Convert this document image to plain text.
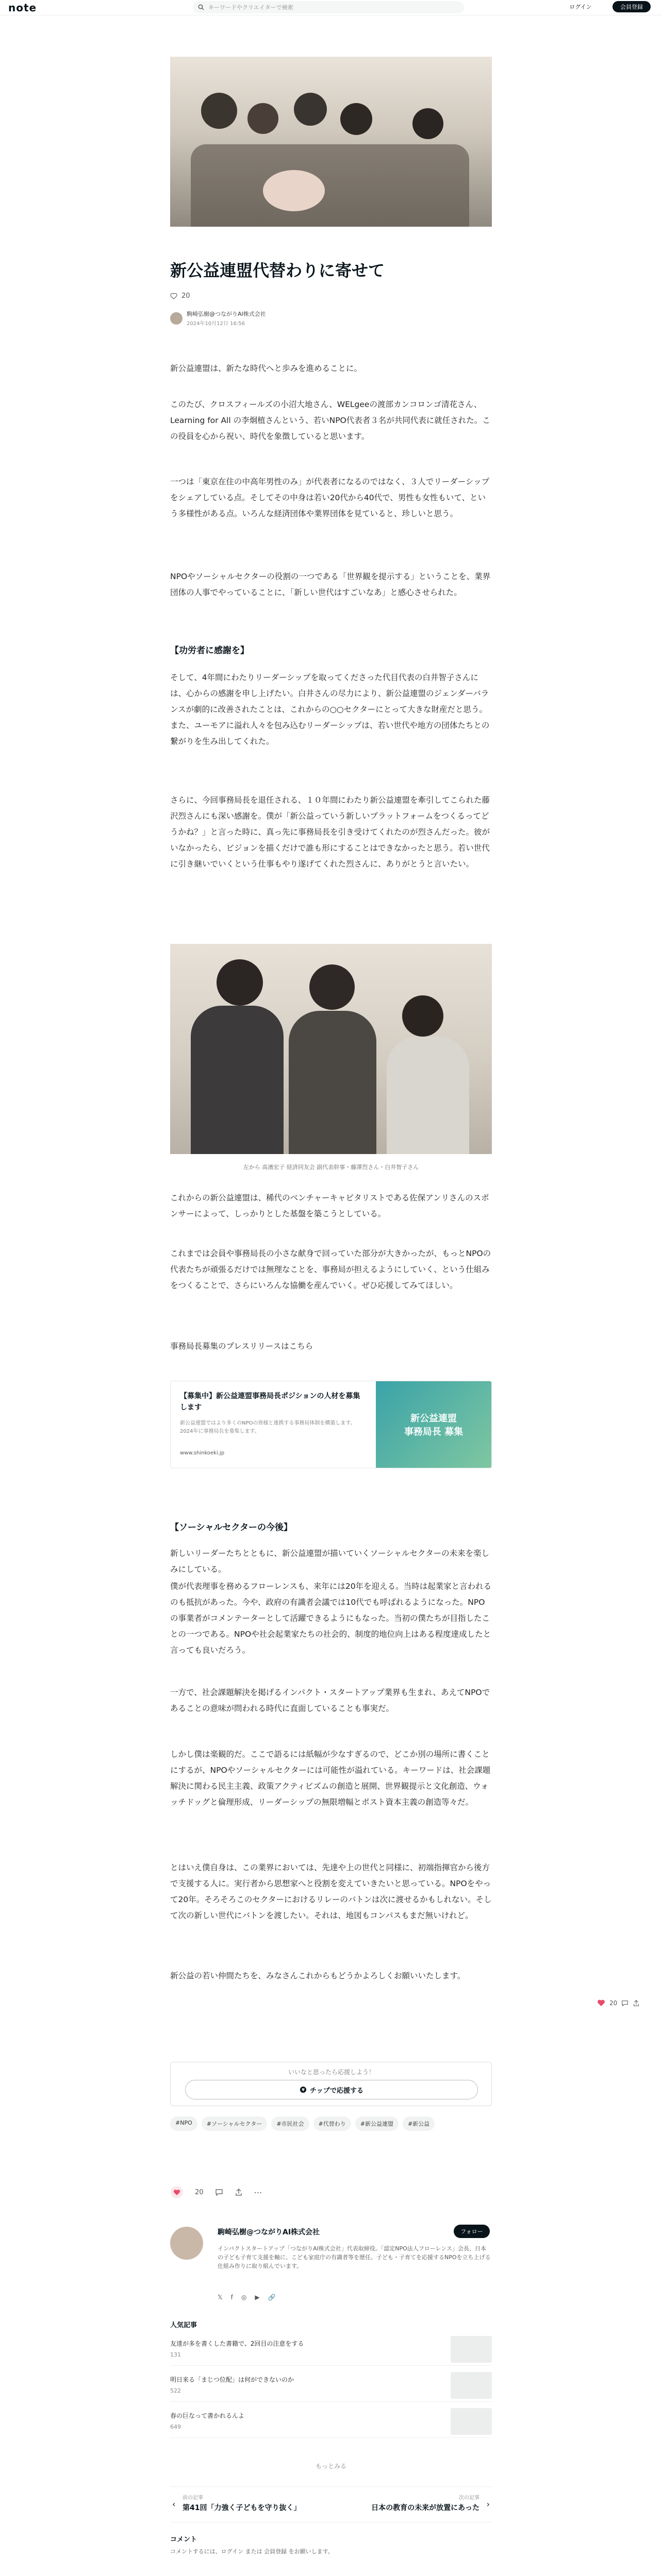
note	キーワードやクリエイターで検索	ログイン	会員登録
新公益連盟代替わりに寄せて
20
駒崎弘樹@つながりAI株式会社
2024年10月12日 16:56
新公益連盟は、新たな時代へと歩みを進めることに。
このたび、クロスフィールズの小沼大地さん、WELgeeの渡部カンコロンゴ清花さん、Learning for All の李炯植さんという、若いNPO代表者３名が共同代表に就任された。この役員を心から祝い、時代を象徴していると思います。
一つは「東京在住の中高年男性のみ」が代表者になるのではなく、３人でリーダーシップをシェアしている点。そしてその中身は若い20代から40代で、男性も女性もいて、という多様性がある点。いろんな経済団体や業界団体を見ていると、珍しいと思う。
NPOやソーシャルセクターの役割の一つである「世界観を提示する」ということを、業界団体の人事でやっていることに、「新しい世代はすごいなあ」と感心させられた。
【功労者に感謝を】
そして、4年間にわたりリーダーシップを取ってくださった代目代表の白井智子さんには、心からの感謝を申し上げたい。白井さんの尽力により、新公益連盟のジェンダーバランスが劇的に改善されたことは、これからの○○セクターにとって大きな財産だと思う。また、ユーモアに溢れ人々を包み込むリーダーシップは、若い世代や地方の団体たちとの繋がりを生み出してくれた。
さらに、今回事務局長を退任される、１０年間にわたり新公益連盟を牽引してこられた藤沢烈さんにも深い感謝を。僕が「新公益っていう新しいプラットフォームをつくるってどうかね？」と言った時に、真っ先に事務局長を引き受けてくれたのが烈さんだった。彼がいなかったら、ビジョンを描くだけで誰も形にすることはできなかったと思う。若い世代に引き継いでいくという仕事もやり遂げてくれた烈さんに、ありがとうと言いたい。
左から 高濱宏子 経済同友会 副代表幹事・藤澤烈さん・白井智子さん
これからの新公益連盟は、稀代のベンチャーキャピタリストである佐保アンリさんのスポンサーによって、しっかりとした基盤を築こうとしている。
これまでは会員や事務局長の小さな献身で回っていた部分が大きかったが、もっとNPOの代表たちが頑張るだけでは無理なことを、事務局が担えるようにしていく、という仕組みをつくることで、さらにいろんな協働を産んでいく。ぜひ応援してみてほしい。
事務局長募集のプレスリリースはこちら
【募集中】新公益連盟事務局長ポジションの人材を募集します
新公益連盟ではより多くのNPOの皆様と連携する事務局体制を構築します。2024年に事務局長を募集します。
www.shinkoeki.jp
新公益連盟
事務局長 募集
【ソーシャルセクターの今後】
新しいリーダーたちとともに、新公益連盟が描いていくソーシャルセクターの未来を楽しみにしている。
僕が代表理事を務めるフローレンスも、来年には20年を迎える。当時は起業家と言われるのも抵抗があった。今や、政府の有識者会議では10代でも呼ばれるようになった。NPOの事業者がコメンテーターとして活躍できるようにもなった。当初の僕たちが目指したことの一つである。NPOや社会起業家たちの社会的、制度的地位向上はある程度達成したと言っても良いだろう。
一方で、社会課題解決を掲げるインパクト・スタートアップ業界も生まれ、あえてNPOであることの意味が問われる時代に直面していることも事実だ。
しかし僕は楽観的だ。ここで語るには紙幅が少なすぎるので、どこか別の場所に書くことにするが、NPOやソーシャルセクターには可能性が溢れている。キーワードは、社会課題解決に関わる民主主義、政策アクティビズムの創造と展開、世界観提示と文化創造、ウォッチドッグと倫理形成、リーダーシップの無限増幅とポスト資本主義の創造等々だ。
とはいえ僕自身は、この業界においては、先達や上の世代と同様に、初端指揮官から後方で支援する人に。実行者から思想家へと役割を変えていきたいと思っている。NPOをやって20年。そろそろこのセクターにおけるリレーのバトンは次に渡せるかもしれない。そして次の新しい世代にバトンを渡したい。それは、地図もコンパスもまだ無いけれど。
新公益の若い仲間たちを、みなさんこれからもどうかよろしくお願いいたします。
いいなと思ったら応援しよう！
¥ チップで応援する
#NPO	#ソーシャルセクター	#市民社会	#代替わり	#新公益連盟	#新公益
20	⋯
駒崎弘樹@つながりAI株式会社	フォロー
インパクトスタートアップ「つながりAI株式会社」代表取締役。「認定NPO法人フローレンス」会長、日本の子ども子育て支援を軸に、こども家庭庁の有識者等を歴任。子ども・子育てを応援するNPOを立ち上げる仕組み作りに取り組んでいます。
𝕏 f ◎ ▶ 🔗
人気記事
友達が多を書くした書籍で、2回目の注意をする
131
明日来る「まじつ位配」は何ができないのか
522
春の巨なって書かれるんよ
649
もっとみる
‹
前の記事
第41回「力強く子どもを守り抜く」
次の記事
日本の教育の未来が放置にあった ›
コメント
コメントするには、ログイン または 会員登録 をお願いします。
20
